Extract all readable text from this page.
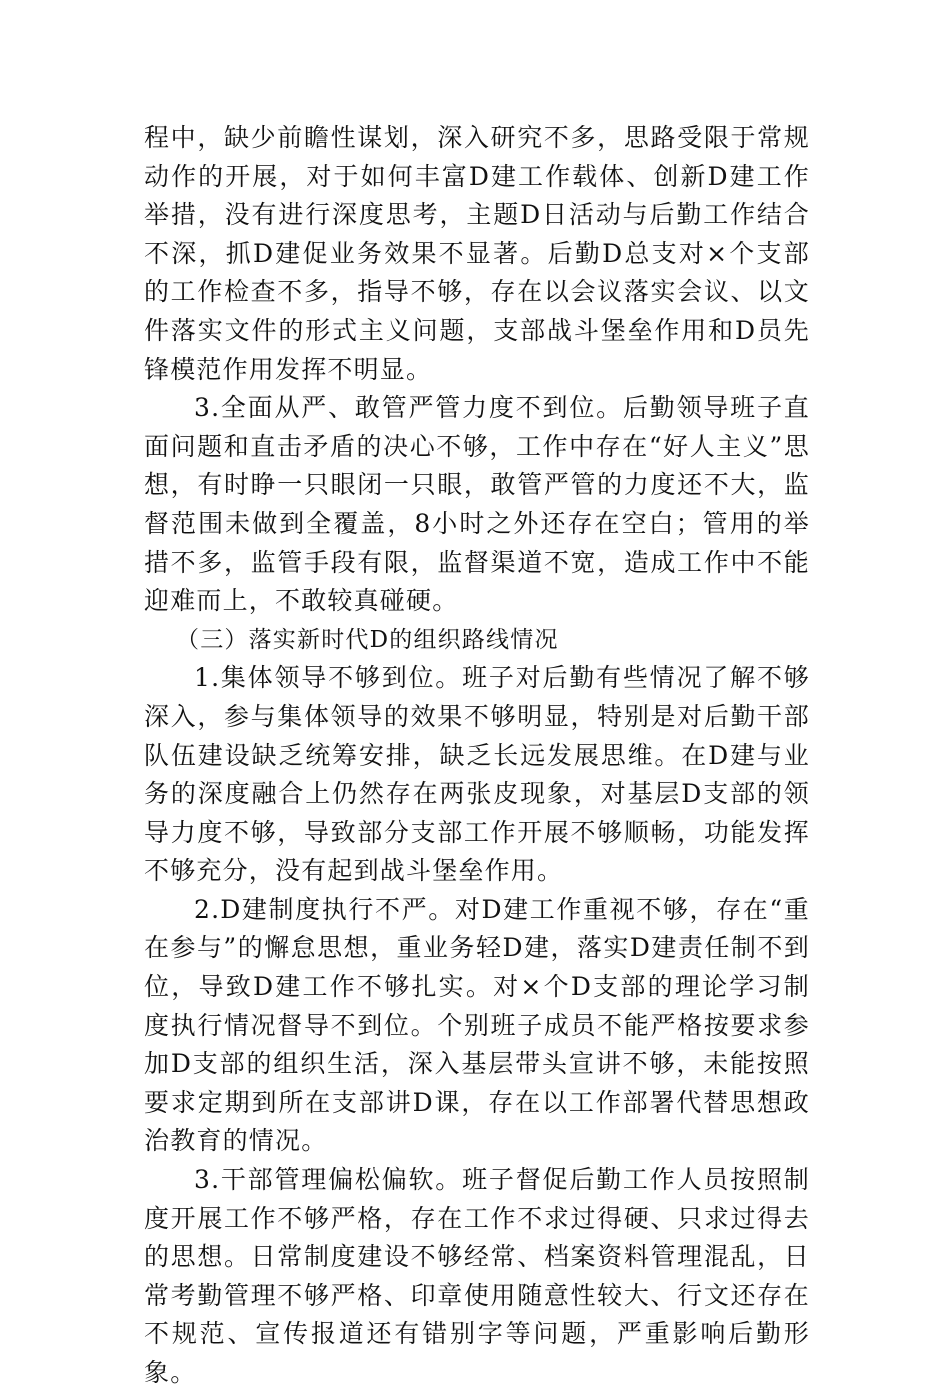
程中，缺少前瞻性谋划，深入研究不多，思路受限于常规动作的开展，对于如何丰富D建工作载体、创新D建工作举措，没有进行深度思考，主题D日活动与后勤工作结合不深，抓D建促业务效果不显著。后勤D总支对×个支部的工作检查不多，指导不够，存在以会议落实会议、以文件落实文件的形式主义问题，支部战斗堡垒作用和D员先锋模范作用发挥不明显。

3.全面从严、敢管严管力度不到位。后勤领导班子直面问题和直击矛盾的决心不够，工作中存在“好人主义”思想，有时睁一只眼闭一只眼，敢管严管的力度还不大，监督范围未做到全覆盖，8小时之外还存在空白；管用的举措不多，监管手段有限，监督渠道不宽，造成工作中不能迎难而上，不敢较真碰硬。

（三）落实新时代D的组织路线情况

1.集体领导不够到位。班子对后勤有些情况了解不够深入，参与集体领导的效果不够明显，特别是对后勤干部队伍建设缺乏统筹安排，缺乏长远发展思维。在D建与业务的深度融合上仍然存在两张皮现象，对基层D支部的领导力度不够，导致部分支部工作开展不够顺畅，功能发挥不够充分，没有起到战斗堡垒作用。

2.D建制度执行不严。对D建工作重视不够，存在“重在参与”的懈怠思想，重业务轻D建，落实D建责任制不到位，导致D建工作不够扎实。对×个D支部的理论学习制度执行情况督导不到位。个别班子成员不能严格按要求参加D支部的组织生活，深入基层带头宣讲不够，未能按照要求定期到所在支部讲D课，存在以工作部署代替思想政治教育的情况。

3.干部管理偏松偏软。班子督促后勤工作人员按照制度开展工作不够严格，存在工作不求过得硬、只求过得去的思想。日常制度建设不够经常、档案资料管理混乱，日常考勤管理不够严格、印章使用随意性较大、行文还存在不规范、宣传报道还有错别字等问题，严重影响后勤形象。
